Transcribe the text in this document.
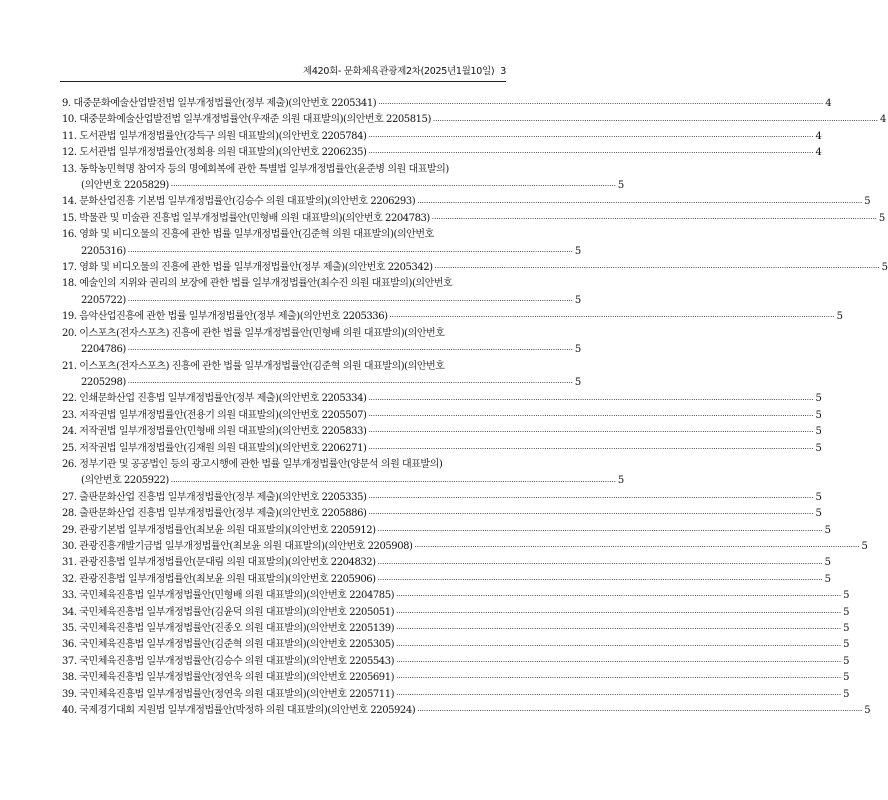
제420회- 문화체육관광제2차(2025년1월10일) 3
9. 대중문화예술산업발전법 일부개정법률안(정부 제출)(의안번호 2205341) ········································································································································································································ 4
10. 대중문화예술산업발전법 일부개정법률안(우재준 의원 대표발의)(의안번호 2205815) ········································································································································································································ 4
11. 도서관법 일부개정법률안(강득구 의원 대표발의)(의안번호 2205784) ········································································································································································································ 4
12. 도서관법 일부개정법률안(정희용 의원 대표발의)(의안번호 2206235) ········································································································································································································ 4
13. 동학농민혁명 참여자 등의 명예회복에 관한 특별법 일부개정법률안(윤준병 의원 대표발의)
(의안번호 2205829) ········································································································································································································ 5
14. 문화산업진흥 기본법 일부개정법률안(김승수 의원 대표발의)(의안번호 2206293) ········································································································································································································ 5
15. 박물관 및 미술관 진흥법 일부개정법률안(민형배 의원 대표발의)(의안번호 2204783) ········································································································································································································ 5
16. 영화 및 비디오물의 진흥에 관한 법률 일부개정법률안(김준혁 의원 대표발의)(의안번호
2205316) ········································································································································································································ 5
17. 영화 및 비디오물의 진흥에 관한 법률 일부개정법률안(정부 제출)(의안번호 2205342) ········································································································································································································ 5
18. 예술인의 지위와 권리의 보장에 관한 법률 일부개정법률안(최수진 의원 대표발의)(의안번호
2205722) ········································································································································································································ 5
19. 음악산업진흥에 관한 법률 일부개정법률안(정부 제출)(의안번호 2205336) ········································································································································································································ 5
20. 이스포츠(전자스포츠) 진흥에 관한 법률 일부개정법률안(민형배 의원 대표발의)(의안번호
2204786) ········································································································································································································ 5
21. 이스포츠(전자스포츠) 진흥에 관한 법률 일부개정법률안(김준혁 의원 대표발의)(의안번호
2205298) ········································································································································································································ 5
22. 인쇄문화산업 진흥법 일부개정법률안(정부 제출)(의안번호 2205334) ········································································································································································································ 5
23. 저작권법 일부개정법률안(전용기 의원 대표발의)(의안번호 2205507) ········································································································································································································ 5
24. 저작권법 일부개정법률안(민형배 의원 대표발의)(의안번호 2205833) ········································································································································································································ 5
25. 저작권법 일부개정법률안(김재원 의원 대표발의)(의안번호 2206271) ········································································································································································································ 5
26. 정부기관 및 공공법인 등의 광고시행에 관한 법률 일부개정법률안(양문석 의원 대표발의)
(의안번호 2205922) ········································································································································································································ 5
27. 출판문화산업 진흥법 일부개정법률안(정부 제출)(의안번호 2205335) ········································································································································································································ 5
28. 출판문화산업 진흥법 일부개정법률안(정부 제출)(의안번호 2205886) ········································································································································································································ 5
29. 관광기본법 일부개정법률안(최보윤 의원 대표발의)(의안번호 2205912) ········································································································································································································ 5
30. 관광진흥개발기금법 일부개정법률안(최보윤 의원 대표발의)(의안번호 2205908) ········································································································································································································ 5
31. 관광진흥법 일부개정법률안(문대림 의원 대표발의)(의안번호 2204832) ········································································································································································································ 5
32. 관광진흥법 일부개정법률안(최보윤 의원 대표발의)(의안번호 2205906) ········································································································································································································ 5
33. 국민체육진흥법 일부개정법률안(민형배 의원 대표발의)(의안번호 2204785) ········································································································································································································ 5
34. 국민체육진흥법 일부개정법률안(김윤덕 의원 대표발의)(의안번호 2205051) ········································································································································································································ 5
35. 국민체육진흥법 일부개정법률안(진종오 의원 대표발의)(의안번호 2205139) ········································································································································································································ 5
36. 국민체육진흥법 일부개정법률안(김준혁 의원 대표발의)(의안번호 2205305) ········································································································································································································ 5
37. 국민체육진흥법 일부개정법률안(김승수 의원 대표발의)(의안번호 2205543) ········································································································································································································ 5
38. 국민체육진흥법 일부개정법률안(정연욱 의원 대표발의)(의안번호 2205691) ········································································································································································································ 5
39. 국민체육진흥법 일부개정법률안(정연욱 의원 대표발의)(의안번호 2205711) ········································································································································································································ 5
40. 국제경기대회 지원법 일부개정법률안(박정하 의원 대표발의)(의안번호 2205924) ········································································································································································································ 5
